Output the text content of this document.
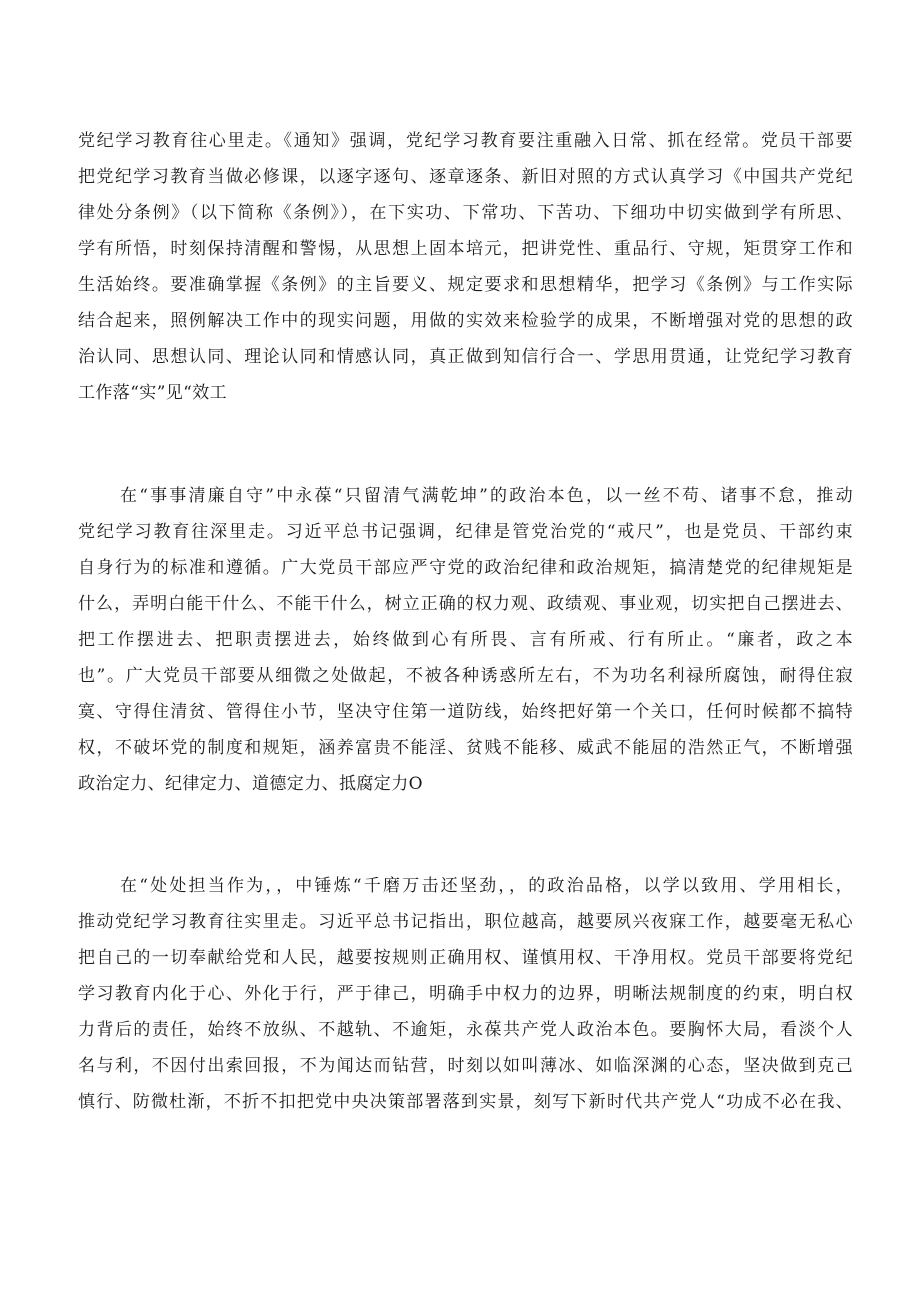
党纪学习教育往心里走。《通知》强调，党纪学习教育要注重融入日常、抓在经常。党员干部要
把党纪学习教育当做必修课，以逐字逐句、逐章逐条、新旧对照的方式认真学习《中国共产党纪
律处分条例》（以下简称《条例》），在下实功、下常功、下苦功、下细功中切实做到学有所思、
学有所悟，时刻保持清醒和警惕，从思想上固本培元，把讲党性、重品行、守规，矩贯穿工作和
生活始终。要准确掌握《条例》的主旨要义、规定要求和思想精华，把学习《条例》与工作实际
结合起来，照例解决工作中的现实问题，用做的实效来检验学的成果，不断增强对党的思想的政
治认同、思想认同、理论认同和情感认同，真正做到知信行合一、学思用贯通，让党纪学习教育
工作落“实”见“效工
在“事事清廉自守”中永葆“只留清气满乾坤”的政治本色，以一丝不苟、诸事不怠，推动
党纪学习教育往深里走。习近平总书记强调，纪律是管党治党的“戒尺”，也是党员、干部约束
自身行为的标准和遵循。广大党员干部应严守党的政治纪律和政治规矩，搞清楚党的纪律规矩是
什么，弄明白能干什么、不能干什么，树立正确的权力观、政绩观、事业观，切实把自己摆进去、
把工作摆进去、把职责摆进去，始终做到心有所畏、言有所戒、行有所止。“廉者，政之本
也”。广大党员干部要从细微之处做起，不被各种诱惑所左右，不为功名利禄所腐蚀，耐得住寂
寞、守得住清贫、管得住小节，坚决守住第一道防线，始终把好第一个关口，任何时候都不搞特
权，不破坏党的制度和规矩，涵养富贵不能淫、贫贱不能移、威武不能屈的浩然正气，不断增强
政治定力、纪律定力、道德定力、抵腐定力O
在“处处担当作为，，中锤炼“千磨万击还坚劲，，的政治品格，以学以致用、学用相长，
推动党纪学习教育往实里走。习近平总书记指出，职位越高，越要夙兴夜寐工作，越要毫无私心
把自己的一切奉献给党和人民，越要按规则正确用权、谨慎用权、干净用权。党员干部要将党纪
学习教育内化于心、外化于行，严于律己，明确手中权力的边界，明晰法规制度的约束，明白权
力背后的责任，始终不放纵、不越轨、不逾矩，永葆共产党人政治本色。要胸怀大局，看淡个人
名与利，不因付出索回报，不为闻达而钻营，时刻以如叫薄冰、如临深渊的心态，坚决做到克己
慎行、防微杜渐，不折不扣把党中央决策部署落到实景，刻写下新时代共产党人“功成不必在我、
